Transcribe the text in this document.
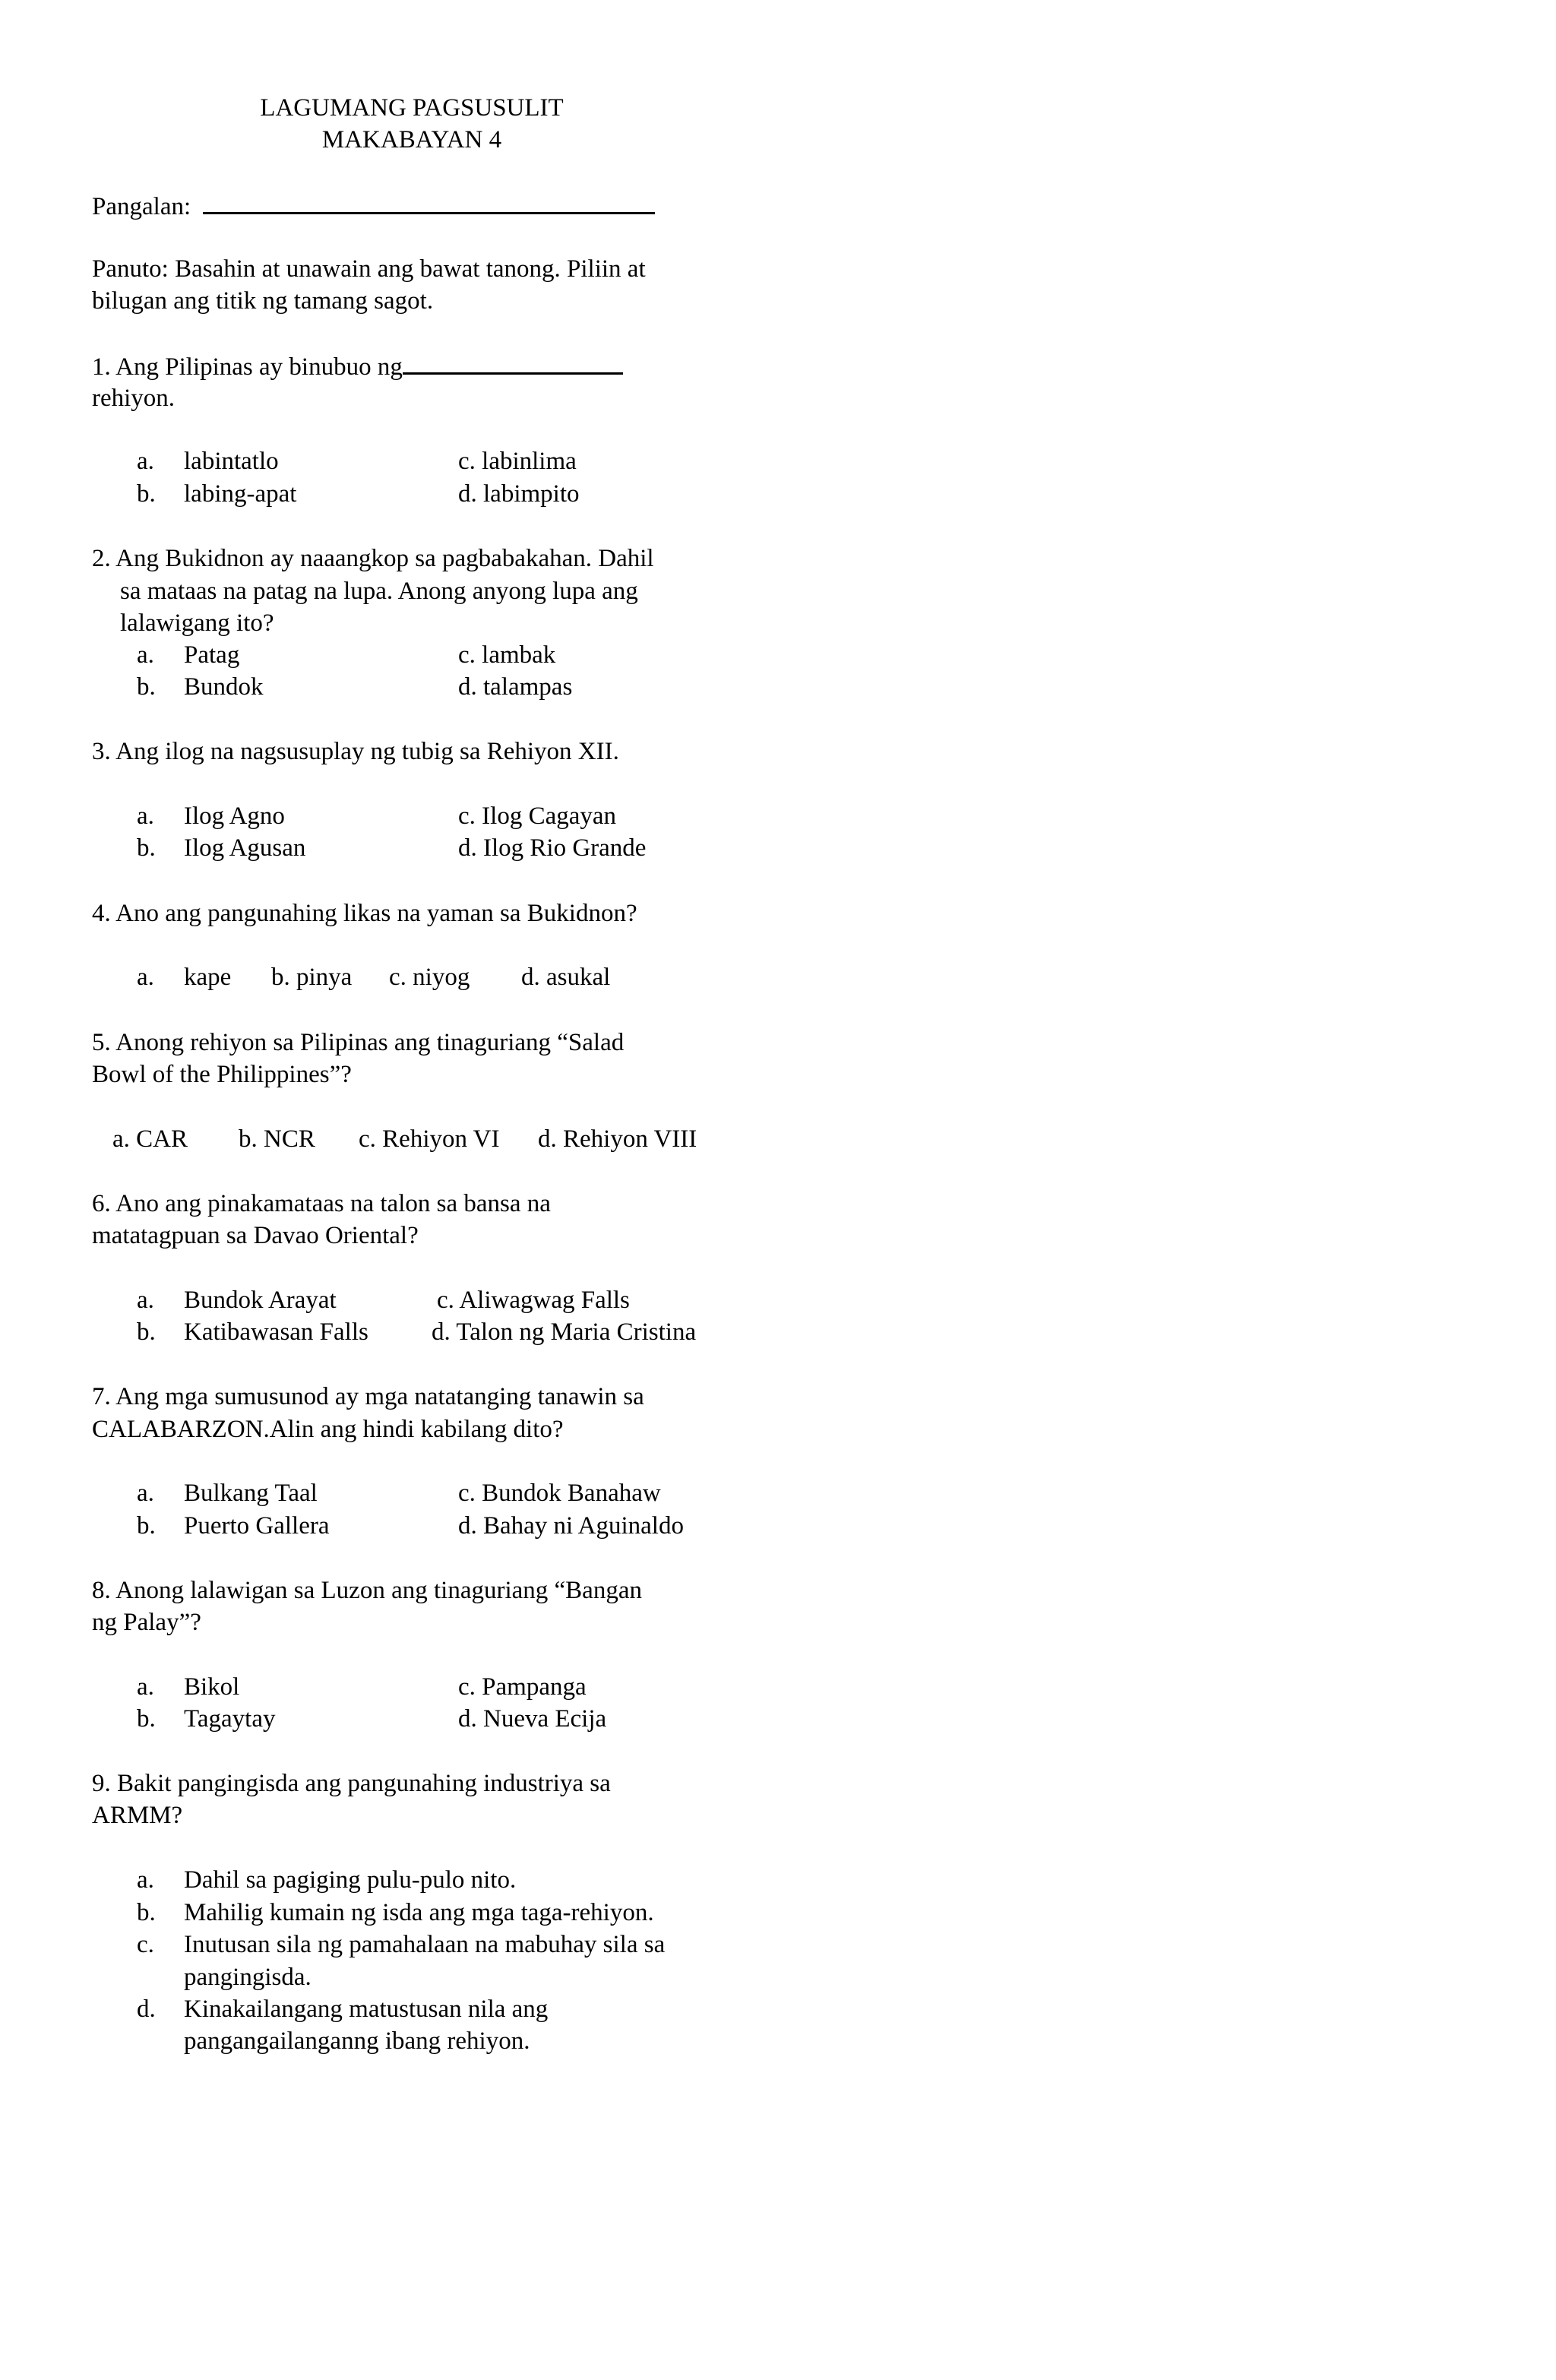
LAGUMANG PAGSUSULIT
MAKABAYAN 4
Pangalan:
Panuto: Basahin at unawain ang bawat tanong. Piliin at
bilugan ang titik ng tamang sagot.
1. Ang Pilipinas ay binubuo ng
rehiyon.
a. labintatlo
b. labing-apat
c. labinlima
d. labimpito
2. Ang Bukidnon ay naaangkop sa pagbabakahan. Dahil
sa mataas na patag na lupa. Anong anyong lupa ang
lalawigang ito?
a. Patag
b. Bundok
c. lambak
d. talampas
3. Ang ilog na nagsusuplay ng tubig sa Rehiyon XII.
a. Ilog Agno
b. Ilog Agusan
c. Ilog Cagayan
d. Ilog Rio Grande
4. Ano ang pangunahing likas na yaman sa Bukidnon?
a. kape b. pinya c. niyog d. asukal
5. Anong rehiyon sa Pilipinas ang tinaguriang “Salad
Bowl of the Philippines”?
a. CAR b. NCR c. Rehiyon VI d. Rehiyon VIII
6. Ano ang pinakamataas na talon sa bansa na
matatagpuan sa Davao Oriental?
a. Bundok Arayat
b. Katibawasan Falls
c. Aliwagwag Falls
d. Talon ng Maria Cristina
7. Ang mga sumusunod ay mga natatanging tanawin sa
CALABARZON.Alin ang hindi kabilang dito?
a. Bulkang Taal
b. Puerto Gallera
c. Bundok Banahaw
d. Bahay ni Aguinaldo
8. Anong lalawigan sa Luzon ang tinaguriang “Bangan
ng Palay”?
a. Bikol
b. Tagaytay
c. Pampanga
d. Nueva Ecija
9. Bakit pangingisda ang pangunahing industriya sa
ARMM?
a. Dahil sa pagiging pulu-pulo nito.
b. Mahilig kumain ng isda ang mga taga-rehiyon.
c. Inutusan sila ng pamahalaan na mabuhay sila sa
pangingisda.
d. Kinakailangang matustusan nila ang
pangangailanganng ibang rehiyon.
